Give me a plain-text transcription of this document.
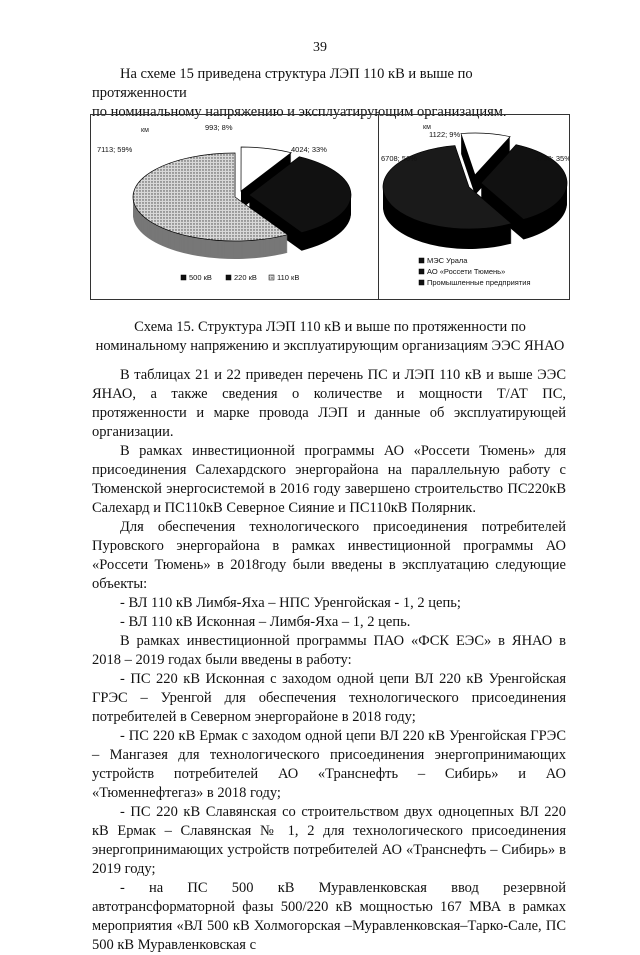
39
На схеме 15 приведена структура ЛЭП 110 кВ и выше по протяженности
по номинальному напряжению и эксплуатирующим организациям.
км	993; 8%
4024; 33%
7113; 59%
500 кВ	220 кВ	110 кВ
км
4230; 35%
6708; 56%
1122; 9%
МЭС Урала
АО «Россети Тюмень»
Промышленные предприятия
Схема 15. Структура ЛЭП 110 кВ и выше по протяженности по
номинальному напряжению и эксплуатирующим организациям ЭЭС ЯНАО

В таблицах 21 и 22 приведен перечень ПС и ЛЭП 110 кВ и выше ЭЭС ЯНАО, а также сведения о количестве и мощности Т/АТ ПС, протяженности и марке провода ЛЭП и данные об эксплуатирующей организации.

В рамках инвестиционной программы АО «Россети Тюмень» для присоединения Салехардского энергорайона на параллельную работу с Тюменской энергосистемой в 2016 году завершено строительство ПС220кВ Салехард и ПС110кВ Северное Сияние и ПС110кВ Полярник.

Для обеспечения технологического присоединения потребителей Пуровского энергорайона в рамках инвестиционной программы АО «Россети Тюмень» в 2018году были введены в эксплуатацию следующие объекты:

- ВЛ 110 кВ Лимбя-Яха – НПС Уренгойская - 1, 2 цепь;

- ВЛ 110 кВ Исконная – Лимбя-Яха – 1, 2 цепь.

В рамках инвестиционной программы ПАО «ФСК ЕЭС» в ЯНАО в 2018 – 2019 годах были введены в работу:

- ПС 220 кВ Исконная с заходом одной цепи ВЛ 220 кВ Уренгойская ГРЭС – Уренгой для обеспечения технологического присоединения потребителей в Северном энергорайоне в 2018 году;

- ПС 220 кВ Ермак с заходом одной цепи ВЛ 220 кВ Уренгойская ГРЭС – Мангазея для технологического присоединения энергопринимающих устройств потребителей АО «Транснефть – Сибирь» и АО «Тюменнефтегаз» в 2018 году;

- ПС 220 кВ Славянская со строительством двух одноцепных ВЛ 220 кВ Ермак – Славянская № 1, 2 для технологического присоединения энергопринимающих устройств потребителей АО «Транснефть – Сибирь» в 2019 году;

- на ПС 500 кВ Муравленковская ввод резервной автотрансформаторной фазы 500/220 кВ мощностью 167 МВА в рамках мероприятия «ВЛ 500 кВ Холмогорская –Муравленковская–Тарко-Сале, ПС 500 кВ Муравленковская с
